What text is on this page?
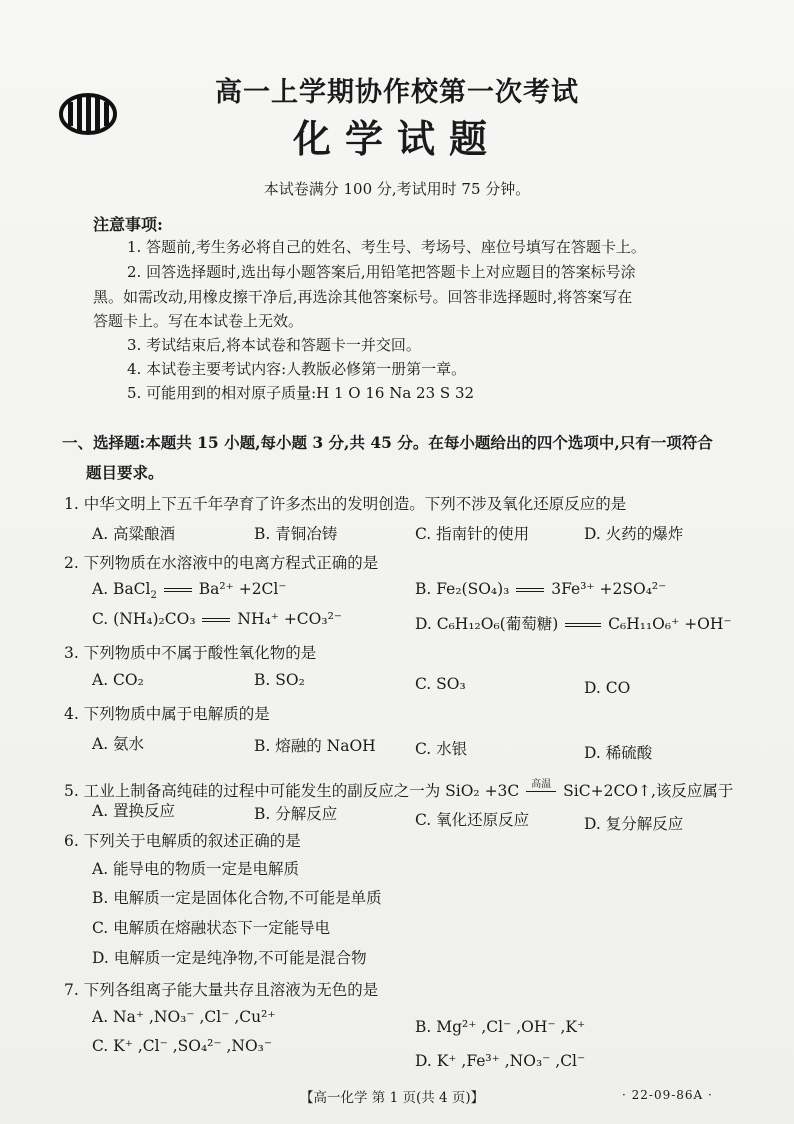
高一上学期协作校第一次考试
化学试题
本试卷满分 100 分,考试用时 75 分钟。
注意事项:
1. 答题前,考生务必将自己的姓名、考生号、考场号、座位号填写在答题卡上。
2. 回答选择题时,选出每小题答案后,用铅笔把答题卡上对应题目的答案标号涂
黑。如需改动,用橡皮擦干净后,再选涂其他答案标号。回答非选择题时,将答案写在
答题卡上。写在本试卷上无效。
3. 考试结束后,将本试卷和答题卡一并交回。
4. 本试卷主要考试内容:人教版必修第一册第一章。
5. 可能用到的相对原子质量:H 1 O 16 Na 23 S 32
一、选择题:本题共 15 小题,每小题 3 分,共 45 分。在每小题给出的四个选项中,只有一项符合
题目要求。
1. 中华文明上下五千年孕育了许多杰出的发明创造。下列不涉及氧化还原反应的是
A. 高粱酿酒	B. 青铜冶铸	C. 指南针的使用	D. 火药的爆炸
2. 下列物质在水溶液中的电离方程式正确的是
A. BaCl$_2$	Ba²⁺ +2Cl⁻	B. Fe₂(SO₄)₃	3Fe³⁺ +2SO₄²⁻
C. (NH₄)₂CO₃	NH₄⁺ +CO₃²⁻	D. C₆H₁₂O₆(葡萄糖)	C₆H₁₁O₆⁺ +OH⁻
3. 下列物质中不属于酸性氧化物的是
A. CO₂	B. SO₂	C. SO₃	D. CO
4. 下列物质中属于电解质的是
A. 氨水	B. 熔融的 NaOH	C. 水银	D. 稀硫酸
5. 工业上制备高纯硅的过程中可能发生的副反应之一为 SiO₂ +3C	高温 SiC+2CO↑,该反应属于
A. 置换反应	B. 分解反应	C. 氧化还原反应	D. 复分解反应
6. 下列关于电解质的叙述正确的是
A. 能导电的物质一定是电解质
B. 电解质一定是固体化合物,不可能是单质
C. 电解质在熔融状态下一定能导电
D. 电解质一定是纯净物,不可能是混合物
7. 下列各组离子能大量共存且溶液为无色的是
A. Na⁺ ,NO₃⁻ ,Cl⁻ ,Cu²⁺
B. Mg²⁺ ,Cl⁻ ,OH⁻ ,K⁺
C. K⁺ ,Cl⁻ ,SO₄²⁻ ,NO₃⁻
D. K⁺ ,Fe³⁺ ,NO₃⁻ ,Cl⁻
【高一化学 第 1 页(共 4 页)】	· 22-09-86A ·
